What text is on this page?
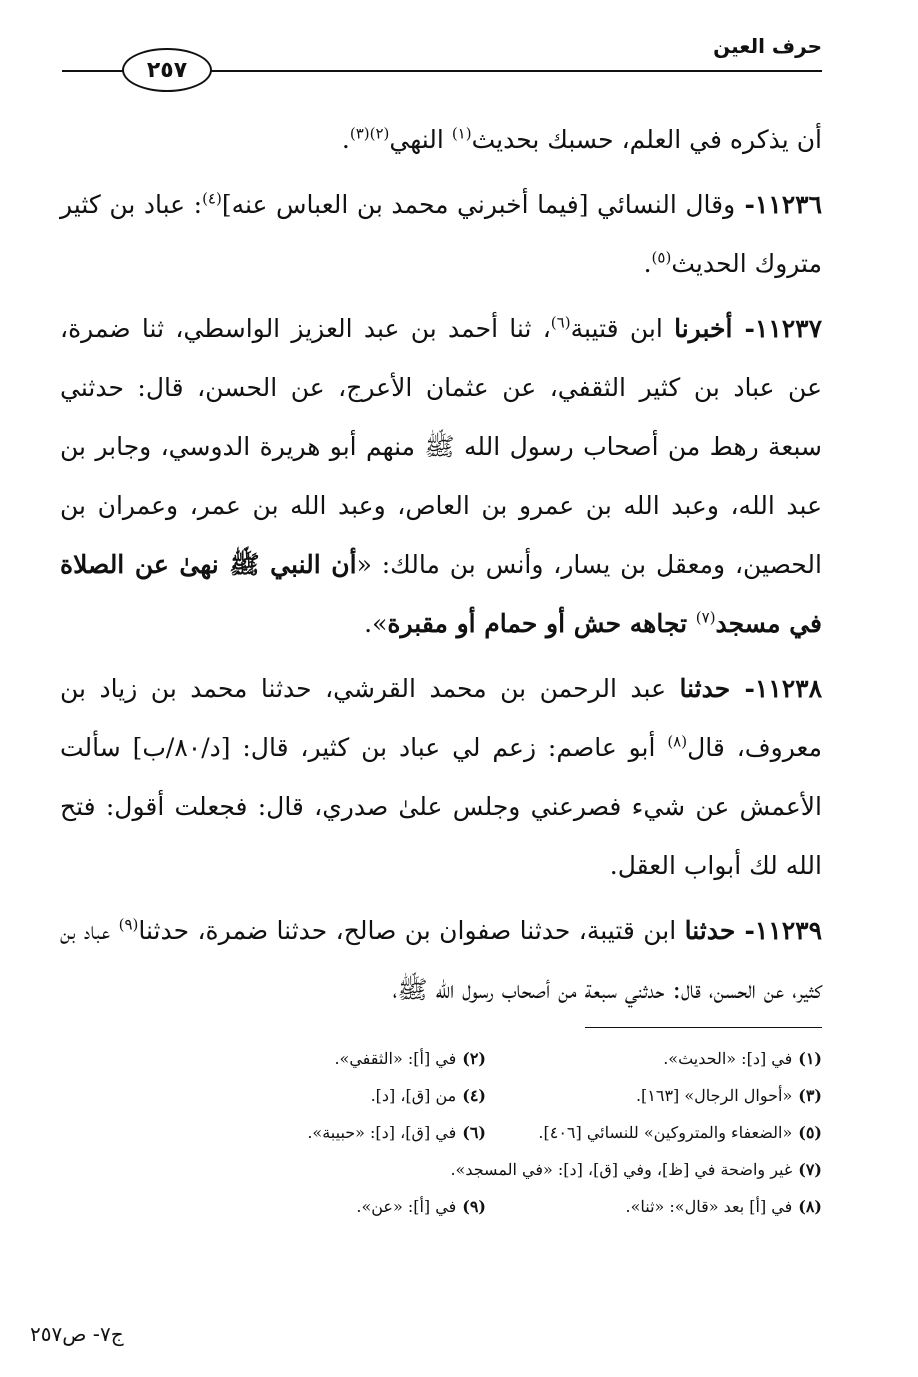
حرف العين
٢٥٧

أن يذكره في العلم، حسبك بحديث$^{(١)}$ النهي$^{(٢)(٣)}$.

١١٢٣٦- وقال النسائي [فيما أخبرني محمد بن العباس عنه]$^{(٤)}$: عباد بن كثير متروك الحديث$^{(٥)}$.

١١٢٣٧- أخبرنا ابن قتيبة$^{(٦)}$، ثنا أحمد بن عبد العزيز الواسطي، ثنا ضمرة، عن عباد بن كثير الثقفي، عن عثمان الأعرج، عن الحسن، قال: حدثني سبعة رهط من أصحاب رسول الله ﷺ منهم أبو هريرة الدوسي، وجابر بن عبد الله، وعبد الله بن عمرو بن العاص، وعبد الله بن عمر، وعمران بن الحصين، ومعقل بن يسار، وأنس بن مالك: «أن النبي ﷺ نهىٰ عن الصلاة في مسجد$^{(٧)}$ تجاهه حش أو حمام أو مقبرة».

١١٢٣٨- حدثنا عبد الرحمن بن محمد القرشي، حدثنا محمد بن زياد بن معروف، قال$^{(٨)}$ أبو عاصم: زعم لي عباد بن كثير، قال: [د/٨٠/ب] سألت الأعمش عن شيء فصرعني وجلس علىٰ صدري، قال: فجعلت أقول: فتح الله لك أبواب العقل.

١١٢٣٩- حدثنا ابن قتيبة، حدثنا صفوان بن صالح، حدثنا ضمرة، حدثنا$^{(٩)}$ عباد بن كثير، عن الحسن، قال: حدثني سبعة من أصحاب رسول الله ﷺ،

(١)في [د]: «الحديث».
(٢)في [أ]: «الثقفي».
(٣)«أحوال الرجال» [١٦٣].
(٤)من [ق]، [د].
(٥)«الضعفاء والمتروكين» للنسائي [٤٠٦].
(٦)في [ق]، [د]: «حبيبة».
(٧)غير واضحة في [ظ]، وفي [ق]، [د]: «في المسجد».
(٨)في [أ] بعد «قال»: «ثنا».
(٩)في [أ]: «عن».
ج٧- ص٢٥٧
